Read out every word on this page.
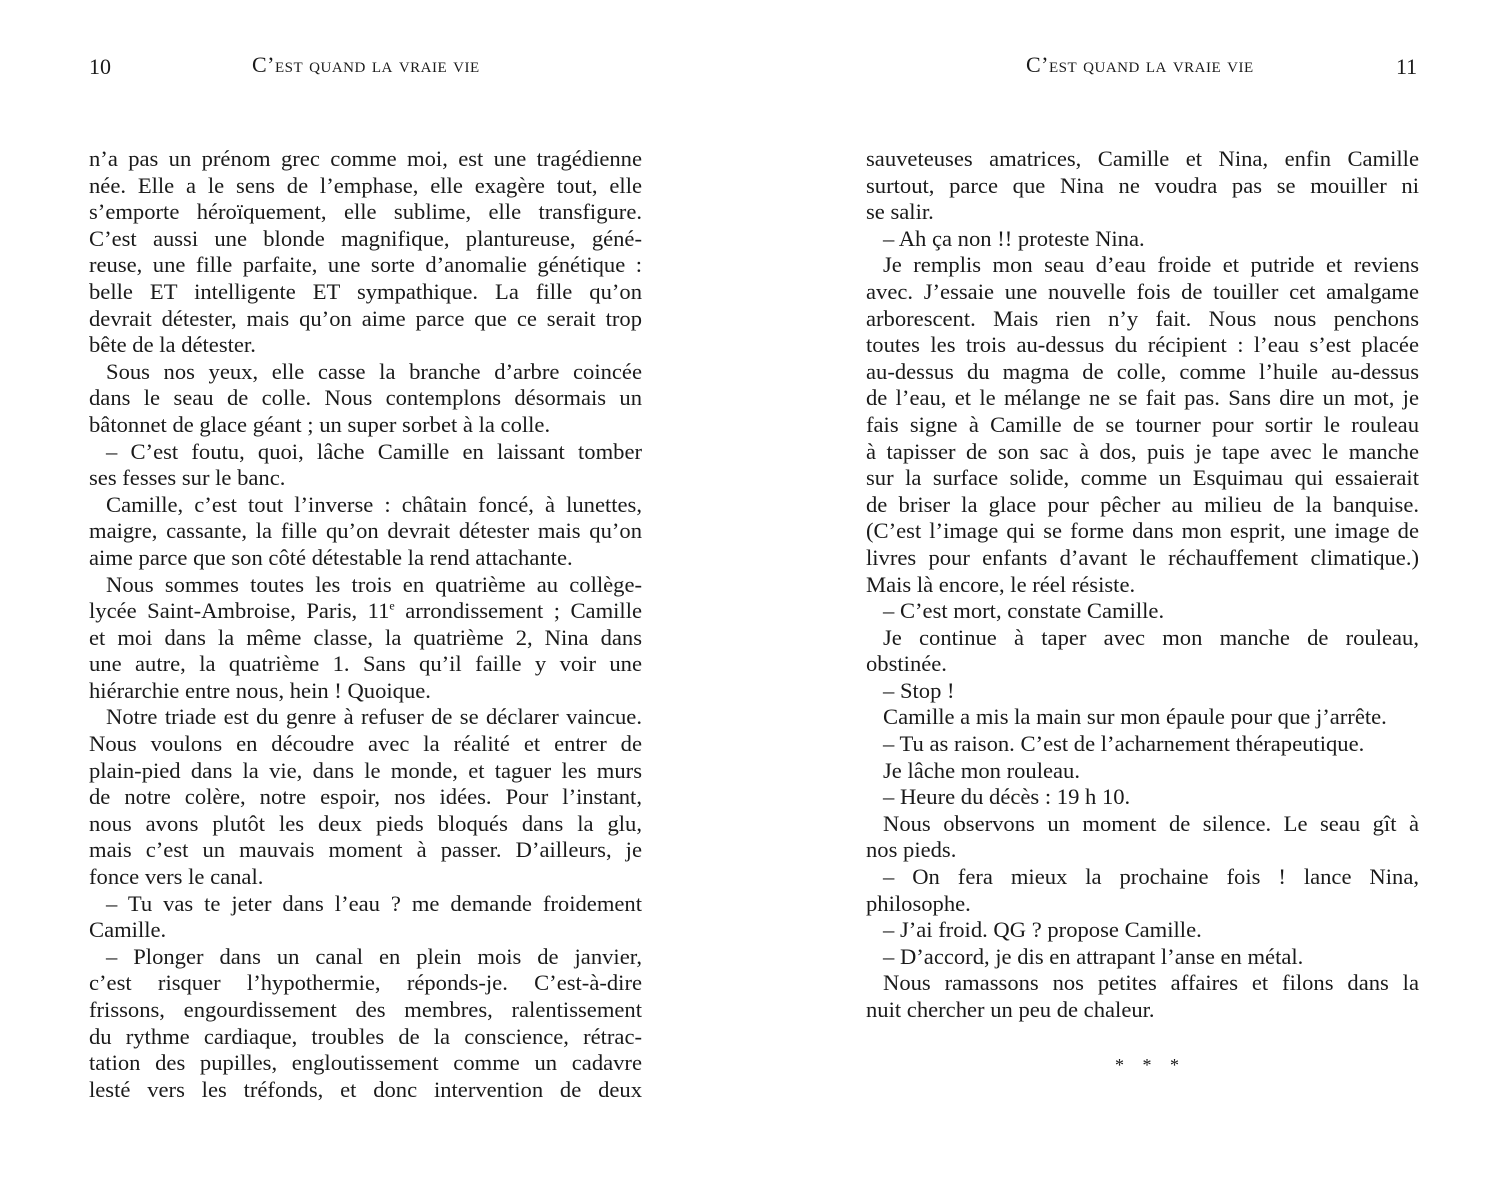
10	C’est quand la vraie vie
n’a pas un prénom grec comme moi, est une tragédienne
née. Elle a le sens de l’emphase, elle exagère tout, elle
s’emporte héroïquement, elle sublime, elle transfigure.
C’est aussi une blonde magnifique, plantureuse, géné-
reuse, une fille parfaite, une sorte d’anomalie génétique :
belle ET intelligente ET sympathique. La fille qu’on
devrait détester, mais qu’on aime parce que ce serait trop
bête de la détester.
Sous nos yeux, elle casse la branche d’arbre coincée
dans le seau de colle. Nous contemplons désormais un
bâtonnet de glace géant ; un super sorbet à la colle.
– C’est foutu, quoi, lâche Camille en laissant tomber
ses fesses sur le banc.
Camille, c’est tout l’inverse : châtain foncé, à lunettes,
maigre, cassante, la fille qu’on devrait détester mais qu’on
aime parce que son côté détestable la rend attachante.
Nous sommes toutes les trois en quatrième au collège-
lycée Saint-Ambroise, Paris, 11e arrondissement ; Camille
et moi dans la même classe, la quatrième 2, Nina dans
une autre, la quatrième 1. Sans qu’il faille y voir une
hiérarchie entre nous, hein ! Quoique.
Notre triade est du genre à refuser de se déclarer vaincue.
Nous voulons en découdre avec la réalité et entrer de
plain-pied dans la vie, dans le monde, et taguer les murs
de notre colère, notre espoir, nos idées. Pour l’instant,
nous avons plutôt les deux pieds bloqués dans la glu,
mais c’est un mauvais moment à passer. D’ailleurs, je
fonce vers le canal.
– Tu vas te jeter dans l’eau ? me demande froidement
Camille.
– Plonger dans un canal en plein mois de janvier,
c’est risquer l’hypothermie, réponds-je. C’est-à-dire
frissons, engourdissement des membres, ralentissement
du rythme cardiaque, troubles de la conscience, rétrac-
tation des pupilles, engloutissement comme un cadavre
lesté vers les tréfonds, et donc intervention de deux
C’est quand la vraie vie	11
sauveteuses amatrices, Camille et Nina, enfin Camille
surtout, parce que Nina ne voudra pas se mouiller ni
se salir.
– Ah ça non !! proteste Nina.
Je remplis mon seau d’eau froide et putride et reviens
avec. J’essaie une nouvelle fois de touiller cet amalgame
arborescent. Mais rien n’y fait. Nous nous penchons
toutes les trois au-dessus du récipient : l’eau s’est placée
au-dessus du magma de colle, comme l’huile au-dessus
de l’eau, et le mélange ne se fait pas. Sans dire un mot, je
fais signe à Camille de se tourner pour sortir le rouleau
à tapisser de son sac à dos, puis je tape avec le manche
sur la surface solide, comme un Esquimau qui essaierait
de briser la glace pour pêcher au milieu de la banquise.
(C’est l’image qui se forme dans mon esprit, une image de
livres pour enfants d’avant le réchauffement climatique.)
Mais là encore, le réel résiste.
– C’est mort, constate Camille.
Je continue à taper avec mon manche de rouleau,
obstinée.
– Stop !
Camille a mis la main sur mon épaule pour que j’arrête.
– Tu as raison. C’est de l’acharnement thérapeutique.
Je lâche mon rouleau.
– Heure du décès : 19 h 10.
Nous observons un moment de silence. Le seau gît à
nos pieds.
– On fera mieux la prochaine fois ! lance Nina,
philosophe.
– J’ai froid. QG ? propose Camille.
– D’accord, je dis en attrapant l’anse en métal.
Nous ramassons nos petites affaires et filons dans la
nuit chercher un peu de chaleur.
* * *
